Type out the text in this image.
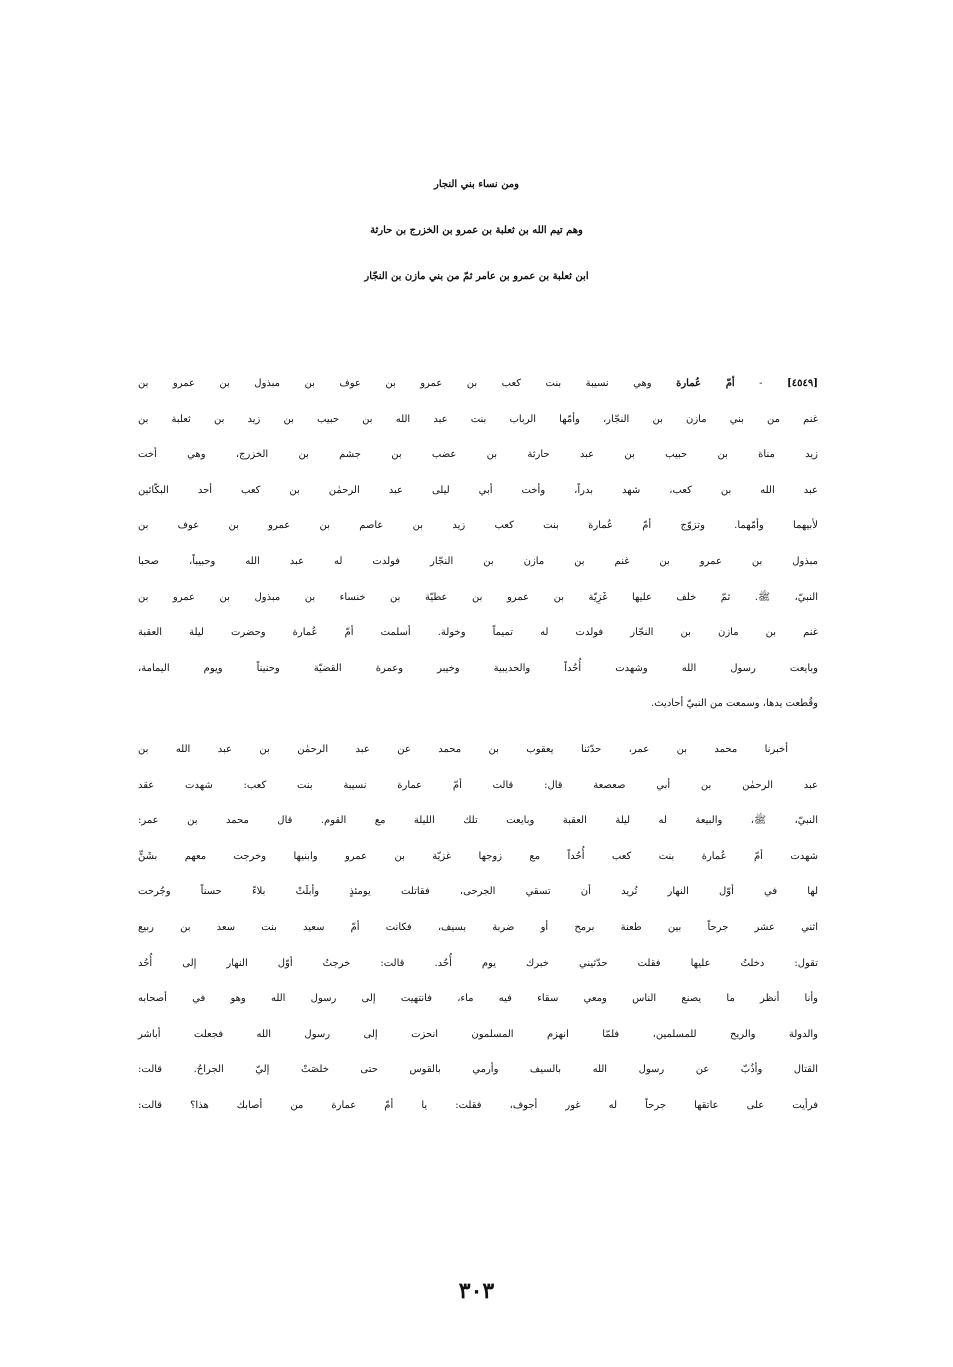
ومن نساء بني النجار
وهم تيم الله بن ثعلبة بن عمرو بن الخزرج بن حارثة
ابن ثعلبة بن عمرو بن عامر ثمّ من بني مازن بن النجّار

[٤٥٤٩] - أمّ عُمارة وهي نسيبة بنت كعب بن عمرو بن عوف بن مبذول بن عمرو بن
غنم من بني مازن بن النجّار، وأمّها الرباب بنت عبد الله بن حبيب بن زيد بن ثعلبة بن
زيد مناة بن حبيب بن عبد حارثة بن عضب بن جشم بن الخزرج، وهي أخت
عبد الله بن كعب، شهد بدراً، وأخت أبي ليلى عبد الرحمٰن بن كعب أحد البكّائين
لأبيهما وأمّهما. وتزوّج أمّ عُمارة بنت كعب زيد بن عاصم بن عمرو بن عوف بن
مبذول بن عمرو بن غنم بن مازن بن النجّار فولدت له عبد الله وحبيباً، صحبا
النبيّ، ﷺ. ثمّ خلف عليها غَزِيّة بن عمرو بن عطيّة بن خنساء بن مبذول بن عمرو بن
غنم بن مازن بن النجّار فولدت له تميماً وخولة. أسلمت أمّ عُمارة وحضرت ليلة العقبة
وبايعت رسول الله وشهدت أُحُداً والحديبية وخيبر وعمرة القضيّة وحنيناً ويوم اليمامة،
وقُطعت يدها، وسمعت من النبيّ أحاديث.

أخبرنا محمد بن عمر، حدّثنا يعقوب بن محمد عن عبد الرحمٰن بن عبد الله بن
عبد الرحمٰن بن أبي صعصعة قال: قالت أمّ عمارة نسيبة بنت كعب: شهدت عقد
النبيّ، ﷺ، والبيعة له ليلة العقبة وبايعت تلك الليلة مع القوم. قال محمد بن عمر:
شهدت أمّ عُمارة بنت كعب أُحُداً مع زوجها غزيّة بن عمرو وابنيها وخرجت معهم بشَنٍّ
لها في أوّل النهار تُريد أن تسقي الجرحى، فقاتلت يومئذٍ وأبلَتْ بلاءً حسناً وجُرحت
اثني عشر جرحاً بين طعنة برمح أو ضربة بسيف، فكانت أمّ سعيد بنت سعد بن ربيع
تقول: دخلتُ عليها فقلت حدّثيني خبرك يوم أُحُد. قالت: خرجتُ أوّل النهار إلى أُحُد
وأنا أنظر ما يصنع الناس ومعي سقاء فيه ماء، فانتهيت إلى رسول الله وهو في أصحابه
والدولة والريح للمسلمين، فلمّا انهزم المسلمون انحزت إلى رسول الله فجعلت أباشر
القتال وأذُبّ عن رسول الله بالسيف وأرمي بالقوس حتى خلصَتْ إليّ الجراحُ. قالت:
فرأيت على عاتقها جرحاً له غور أجوف، فقلت: يا أمّ عمارة من أصابك هذا؟ قالت:

٣٠٣
